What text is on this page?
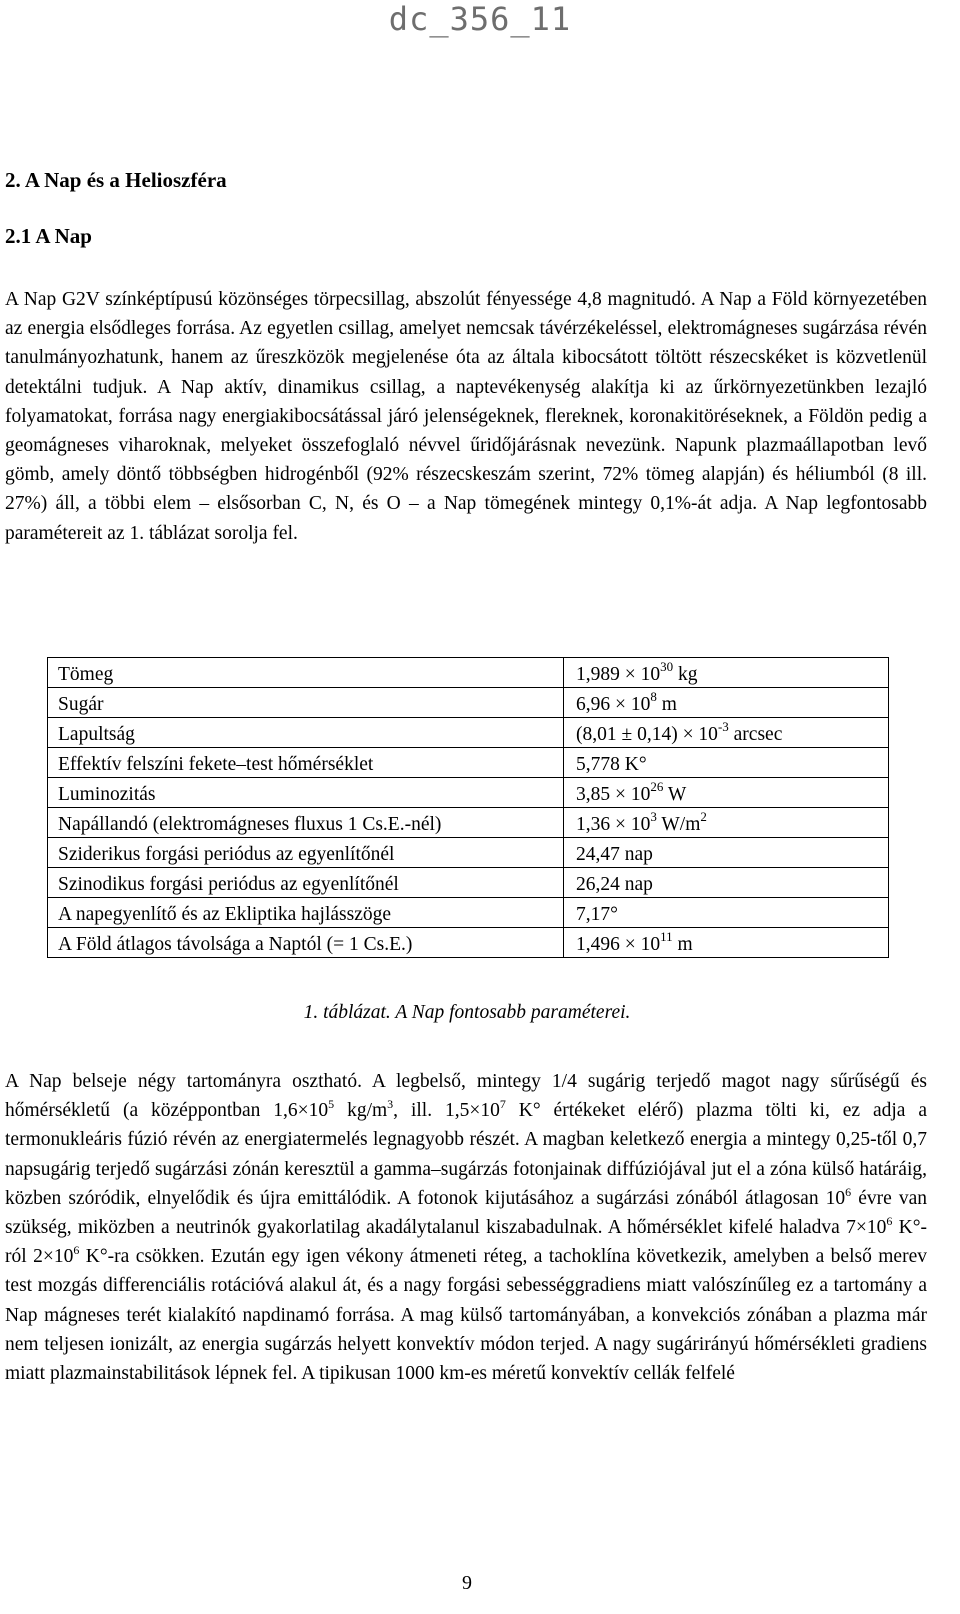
dc_356_11
2. A Nap és a Helioszféra
2.1 A Nap

A Nap G2V színképtípusú közönséges törpecsillag, abszolút fényessége 4,8 magnitudó. A Nap a Föld környezetében az energia elsődleges forrása. Az egyetlen csillag, amelyet nemcsak távérzékeléssel, elektromágneses sugárzása révén tanulmányozhatunk, hanem az űreszközök megjelenése óta az általa kibocsátott töltött részecskéket is közvetlenül detektálni tudjuk. A Nap aktív, dinamikus csillag, a naptevékenység alakítja ki az űrkörnyezetünkben lezajló folyamatokat, forrása nagy energiakibocsátással járó jelenségeknek, flereknek, koronakitöréseknek, a Földön pedig a geomágneses viharoknak, melyeket összefoglaló névvel űridőjárásnak nevezünk. Napunk plazmaállapotban levő gömb, amely döntő többségben hidrogénből (92% részecskeszám szerint, 72% tömeg alapján) és héliumból (8 ill. 27%) áll, a többi elem – elsősorban C, N, és O – a Nap tömegének mintegy 0,1%-át adja. A Nap legfontosabb paramétereit az 1. táblázat sorolja fel.

Tömeg	$1,989 \times 10^{30}$ kg
Sugár	$6,96 \times 10^8$ m
Lapultság	$(8,01 \pm 0,14) \times 10^{-3}$ arcsec
Effektív felszíni fekete–test hőmérséklet	5,778 K°
Luminozitás	$3,85 \times 10^{26}$ W
Napállandó (elektromágneses fluxus 1 Cs.E.-nél)	$1,36 \times 10^3$ $W/m^2$
Sziderikus forgási periódus az egyenlítőnél	24,47 nap
Szinodikus forgási periódus az egyenlítőnél	26,24 nap
A napegyenlítő és az Ekliptika hajlásszöge	7,17°
A Föld átlagos távolsága a Naptól (= 1 Cs.E.)	$1,496 \times 10^{11}$ m
1. táblázat. A Nap fontosabb paraméterei.

A Nap belseje négy tartományra osztható. A legbelső, mintegy 1/4 sugárig terjedő magot nagy sűrűségű és hőmérsékletű (a középpontban $1,6\times 10^5$ $kg/m^3$, ill. $1,5\times 10^7$ K° értékeket elérő) plazma tölti ki, ez adja a termonukleáris fúzió révén az energiatermelés legnagyobb részét. A magban keletkező energia a mintegy 0,25-től 0,7 napsugárig terjedő sugárzási zónán keresztül a gamma–sugárzás fotonjainak diffúziójával jut el a zóna külső határáig, közben szóródik, elnyelődik és újra emittálódik. A fotonok kijutásához a sugárzási zónából átlagosan $10^6$ évre van szükség, miközben a neutrinók gyakorlatilag akadálytalanul kiszabadulnak. A hőmérséklet kifelé haladva $7\times 10^6$ K°-ról $2\times 10^6$ K°-ra csökken. Ezután egy igen vékony átmeneti réteg, a tachoklína következik, amelyben a belső merev test mozgás differenciális rotációvá alakul át, és a nagy forgási sebességgradiens miatt valószínűleg ez a tartomány a Nap mágneses terét kialakító napdinamó forrása. A mag külső tartományában, a konvekciós zónában a plazma már nem teljesen ionizált, az energia sugárzás helyett konvektív módon terjed. A nagy sugárirányú hőmérsékleti gradiens miatt plazmainstabilitások lépnek fel. A tipikusan 1000 km-es méretű konvektív cellák felfelé

9
